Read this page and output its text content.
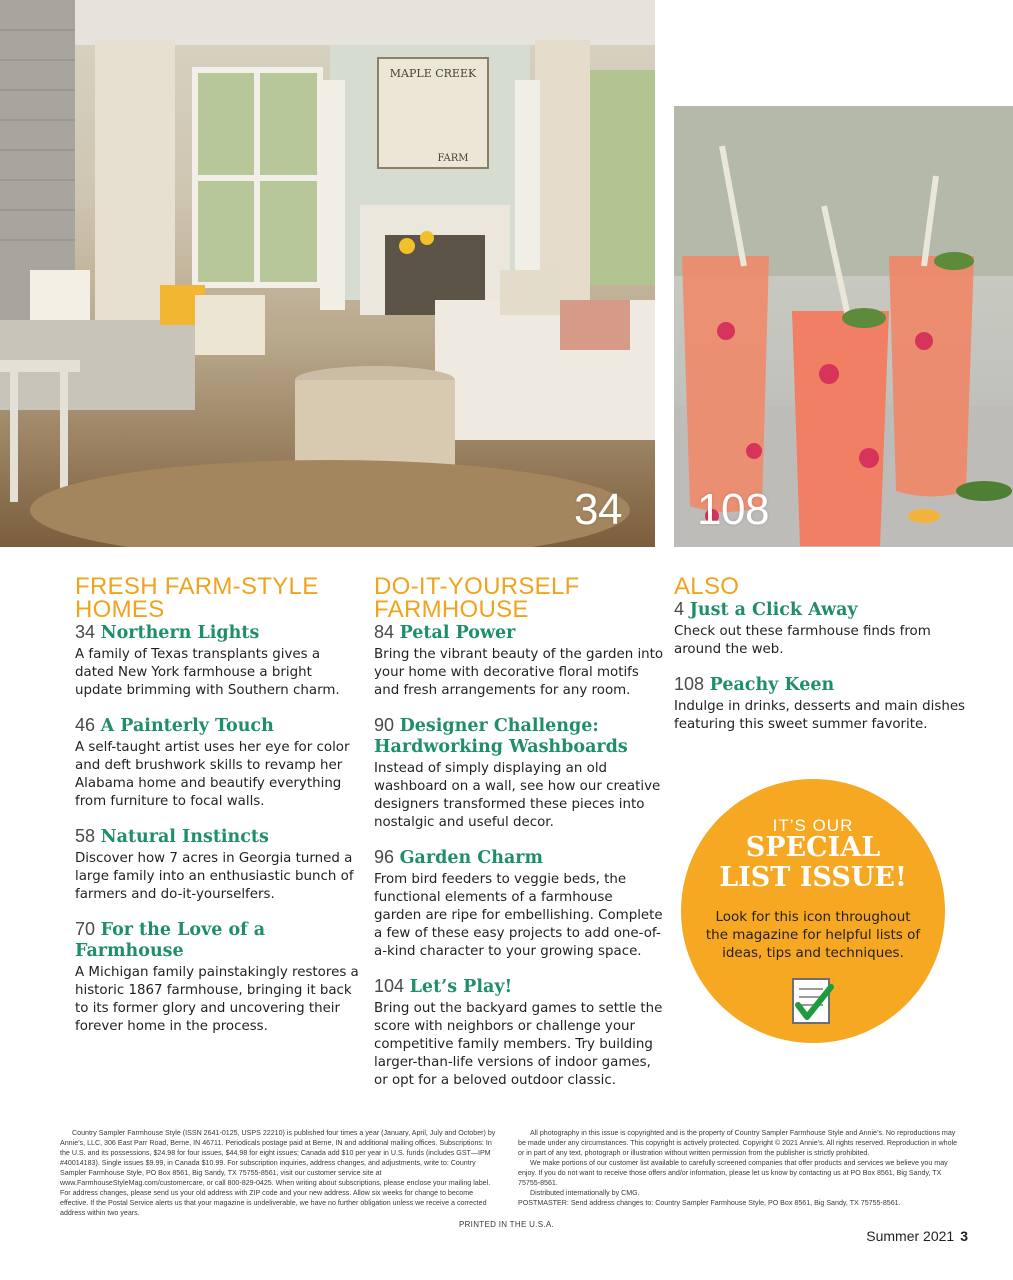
MAPLE CREEK
FARM
34 108
FRESH FARM-STYLE HOMES
34 Northern Lights
A family of Texas transplants gives a dated New York farmhouse a bright update brimming with Southern charm.
46 A Painterly Touch
A self-taught artist uses her eye for color and deft brushwork skills to revamp her Alabama home and beautify everything from furniture to focal walls.
58 Natural Instincts
Discover how 7 acres in Georgia turned a large family into an enthusiastic bunch of farmers and do-it-yourselfers.
70 For the Love of a Farmhouse
A Michigan family painstakingly restores a historic 1867 farmhouse, bringing it back to its former glory and uncovering their forever home in the process.
DO-IT-YOURSELF FARMHOUSE
84 Petal Power
Bring the vibrant beauty of the garden into your home with decorative floral motifs and fresh arrangements for any room.
90 Designer Challenge: Hardworking Washboards
Instead of simply displaying an old washboard on a wall, see how our creative designers transformed these pieces into nostalgic and useful decor.
96 Garden Charm
From bird feeders to veggie beds, the functional elements of a farmhouse garden are ripe for embellishing. Complete a few of these easy projects to add one-of-a-kind character to your growing space.
104 Let’s Play!
Bring out the backyard games to settle the score with neighbors or challenge your competitive family members. Try building larger-than-life versions of indoor games, or opt for a beloved outdoor classic.
ALSO
4 Just a Click Away
Check out these farmhouse finds from around the web.
108 Peachy Keen
Indulge in drinks, desserts and main dishes featuring this sweet summer favorite.
IT’S OUR
SPECIAL
LIST ISSUE!
Look for this icon throughout the magazine for helpful lists of ideas, tips and techniques.

Country Sampler Farmhouse Style (ISSN 2641-0125, USPS 22210) is published four times a year (January, April, July and October) by Annie’s, LLC, 306 East Parr Road, Berne, IN 46711. Periodicals postage paid at Berne, IN and additional mailing offices. Subscriptions: In the U.S. and its possessions, $24.98 for four issues, $44.98 for eight issues; Canada add $10 per year in U.S. funds (includes GST—IPM #40014183). Single issues $9.99, in Canada $10.99. For subscription inquiries, address changes, and adjustments, write to: Country Sampler Farmhouse Style, PO Box 8561, Big Sandy, TX 75755-8561, visit our customer service site at www.FarmhouseStyleMag.com/customercare, or call 800-829-0425. When writing about subscriptions, please enclose your mailing label. For address changes, please send us your old address with ZIP code and your new address. Allow six weeks for change to become effective. If the Postal Service alerts us that your magazine is undeliverable, we have no further obligation unless we receive a corrected address within two years.

All photography in this issue is copyrighted and is the property of Country Sampler Farmhouse Style and Annie’s. No reproductions may be made under any circumstances. This copyright is actively protected. Copyright © 2021 Annie’s. All rights reserved. Reproduction in whole or in part of any text, photograph or illustration without written permission from the publisher is strictly prohibited.

We make portions of our customer list available to carefully screened companies that offer products and services we believe you may enjoy. If you do not want to receive those offers and/or information, please let us know by contacting us at PO Box 8561, Big Sandy, TX 75755-8561.

Distributed internationally by CMG.

POSTMASTER: Send address changes to: Country Sampler Farmhouse Style, PO Box 8561, Big Sandy, TX 75755-8561.

PRINTED IN THE U.S.A.
Summer 2021 3
